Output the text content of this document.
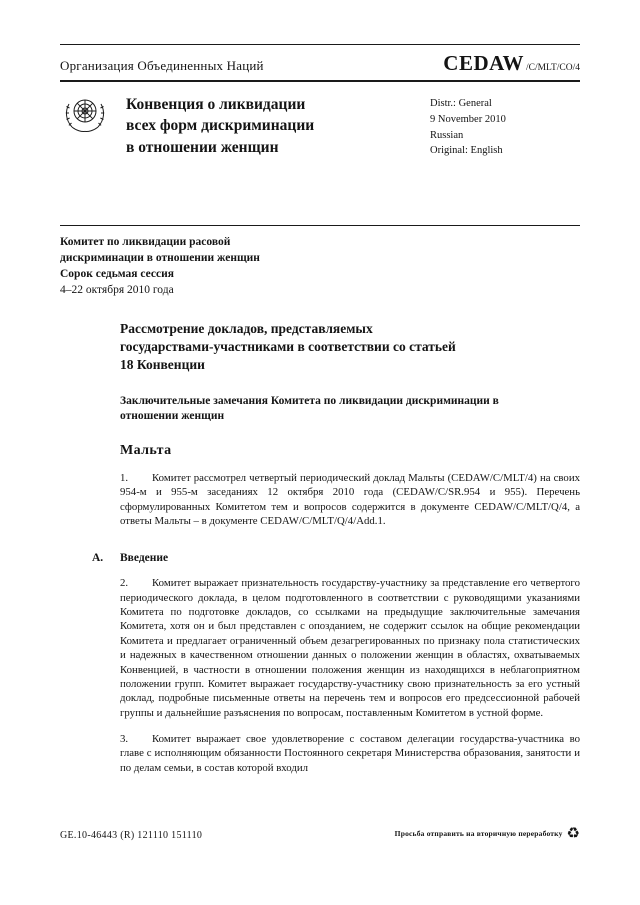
Организация Объединенных Наций	CEDAW /C/MLT/CO/4
Конвенция о ликвидации
всех форм дискриминации
в отношении женщин
Distr.: General
9 November 2010
Russian
Original: English
Комитет по ликвидации расовой
дискриминации в отношении женщин
Сорок седьмая сессия
4–22 октября 2010 года
Рассмотрение докладов, представляемых государствами-участниками в соответствии со статьей 18 Конвенции
Заключительные замечания Комитета по ликвидации дискриминации в отношении женщин
Мальта

1. Комитет рассмотрел четвертый периодический доклад Мальты (CEDAW/C/MLT/4) на своих 954-м и 955-м заседаниях 12 октября 2010 года (CEDAW/C/SR.954 и 955). Перечень сформулированных Комитетом тем и вопросов содержится в документе CEDAW/C/MLT/Q/4, а ответы Мальты – в документе CEDAW/C/MLT/Q/4/Add.1.

A. Введение

2. Комитет выражает признательность государству-участнику за представление его четвертого периодического доклада, в целом подготовленного в соответствии с руководящими указаниями Комитета по подготовке докладов, со ссылками на предыдущие заключительные замечания Комитета, хотя он и был представлен с опозданием, не содержит ссылок на общие рекомендации Комитета и предлагает ограниченный объем дезагрегированных по признаку пола статистических и надежных в качественном отношении данных о положении женщин в областях, охватываемых Конвенцией, в частности в отношении положения женщин из находящихся в неблагоприятном положении групп. Комитет выражает государству-участнику свою признательность за его устный доклад, подробные письменные ответы на перечень тем и вопросов его предсессионной рабочей группы и дальнейшие разъяснения по вопросам, поставленным Комитетом в устной форме.

3. Комитет выражает свое удовлетворение с составом делегации государства-участника во главе с исполняющим обязанности Постоянного секретаря Министерства образования, занятости и по делам семьи, в состав которой входил

GE.10-46443 (R) 121110 151110	Просьба отправить на вторичную переработку ♻
